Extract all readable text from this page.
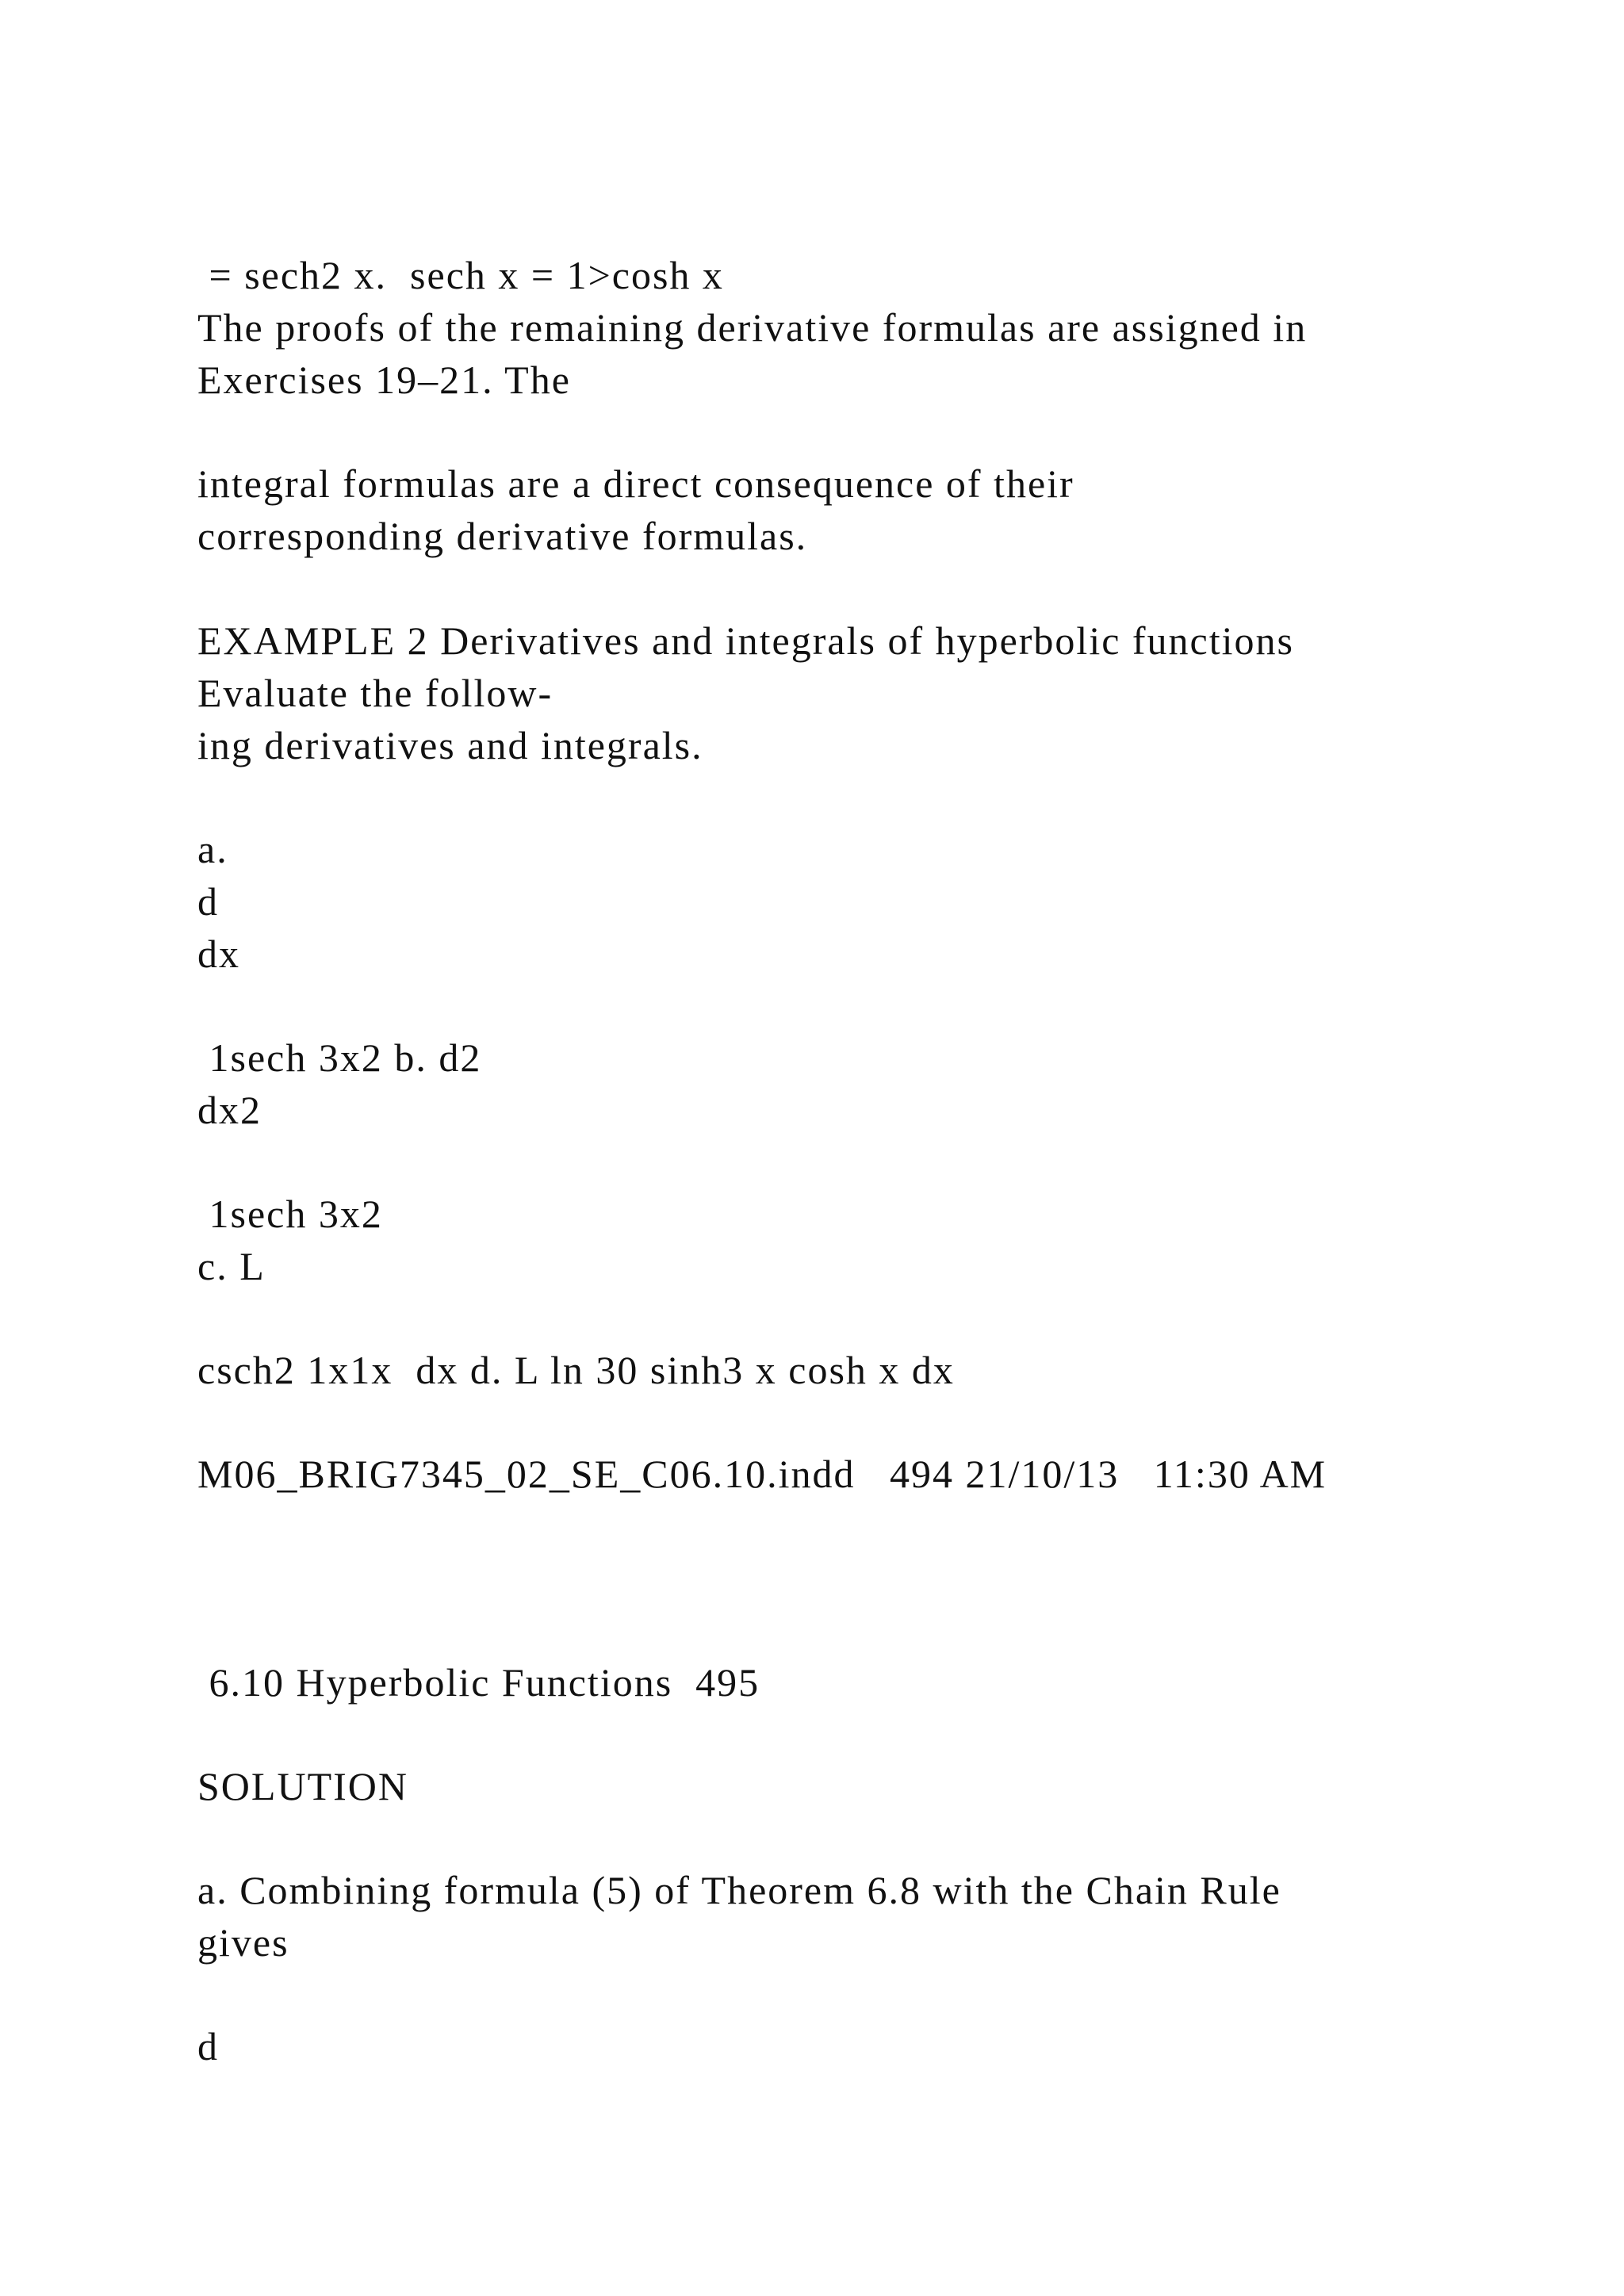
= sech2 x.  sech x = 1>cosh x
The proofs of the remaining derivative formulas are assigned in
Exercises 19–21. The
integral formulas are a direct consequence of their
corresponding derivative formulas.
EXAMPLE 2 Derivatives and integrals of hyperbolic functions
Evaluate the follow-
ing derivatives and integrals.
a.
d
dx
1sech 3x2 b. d2
dx2
1sech 3x2
c. L
csch2 1x1x  dx d. L ln 30 sinh3 x cosh x dx
M06_BRIG7345_02_SE_C06.10.indd   494 21/10/13   11:30 AM
6.10 Hyperbolic Functions  495
SOLUTION
a. Combining formula (5) of Theorem 6.8 with the Chain Rule
gives
d
